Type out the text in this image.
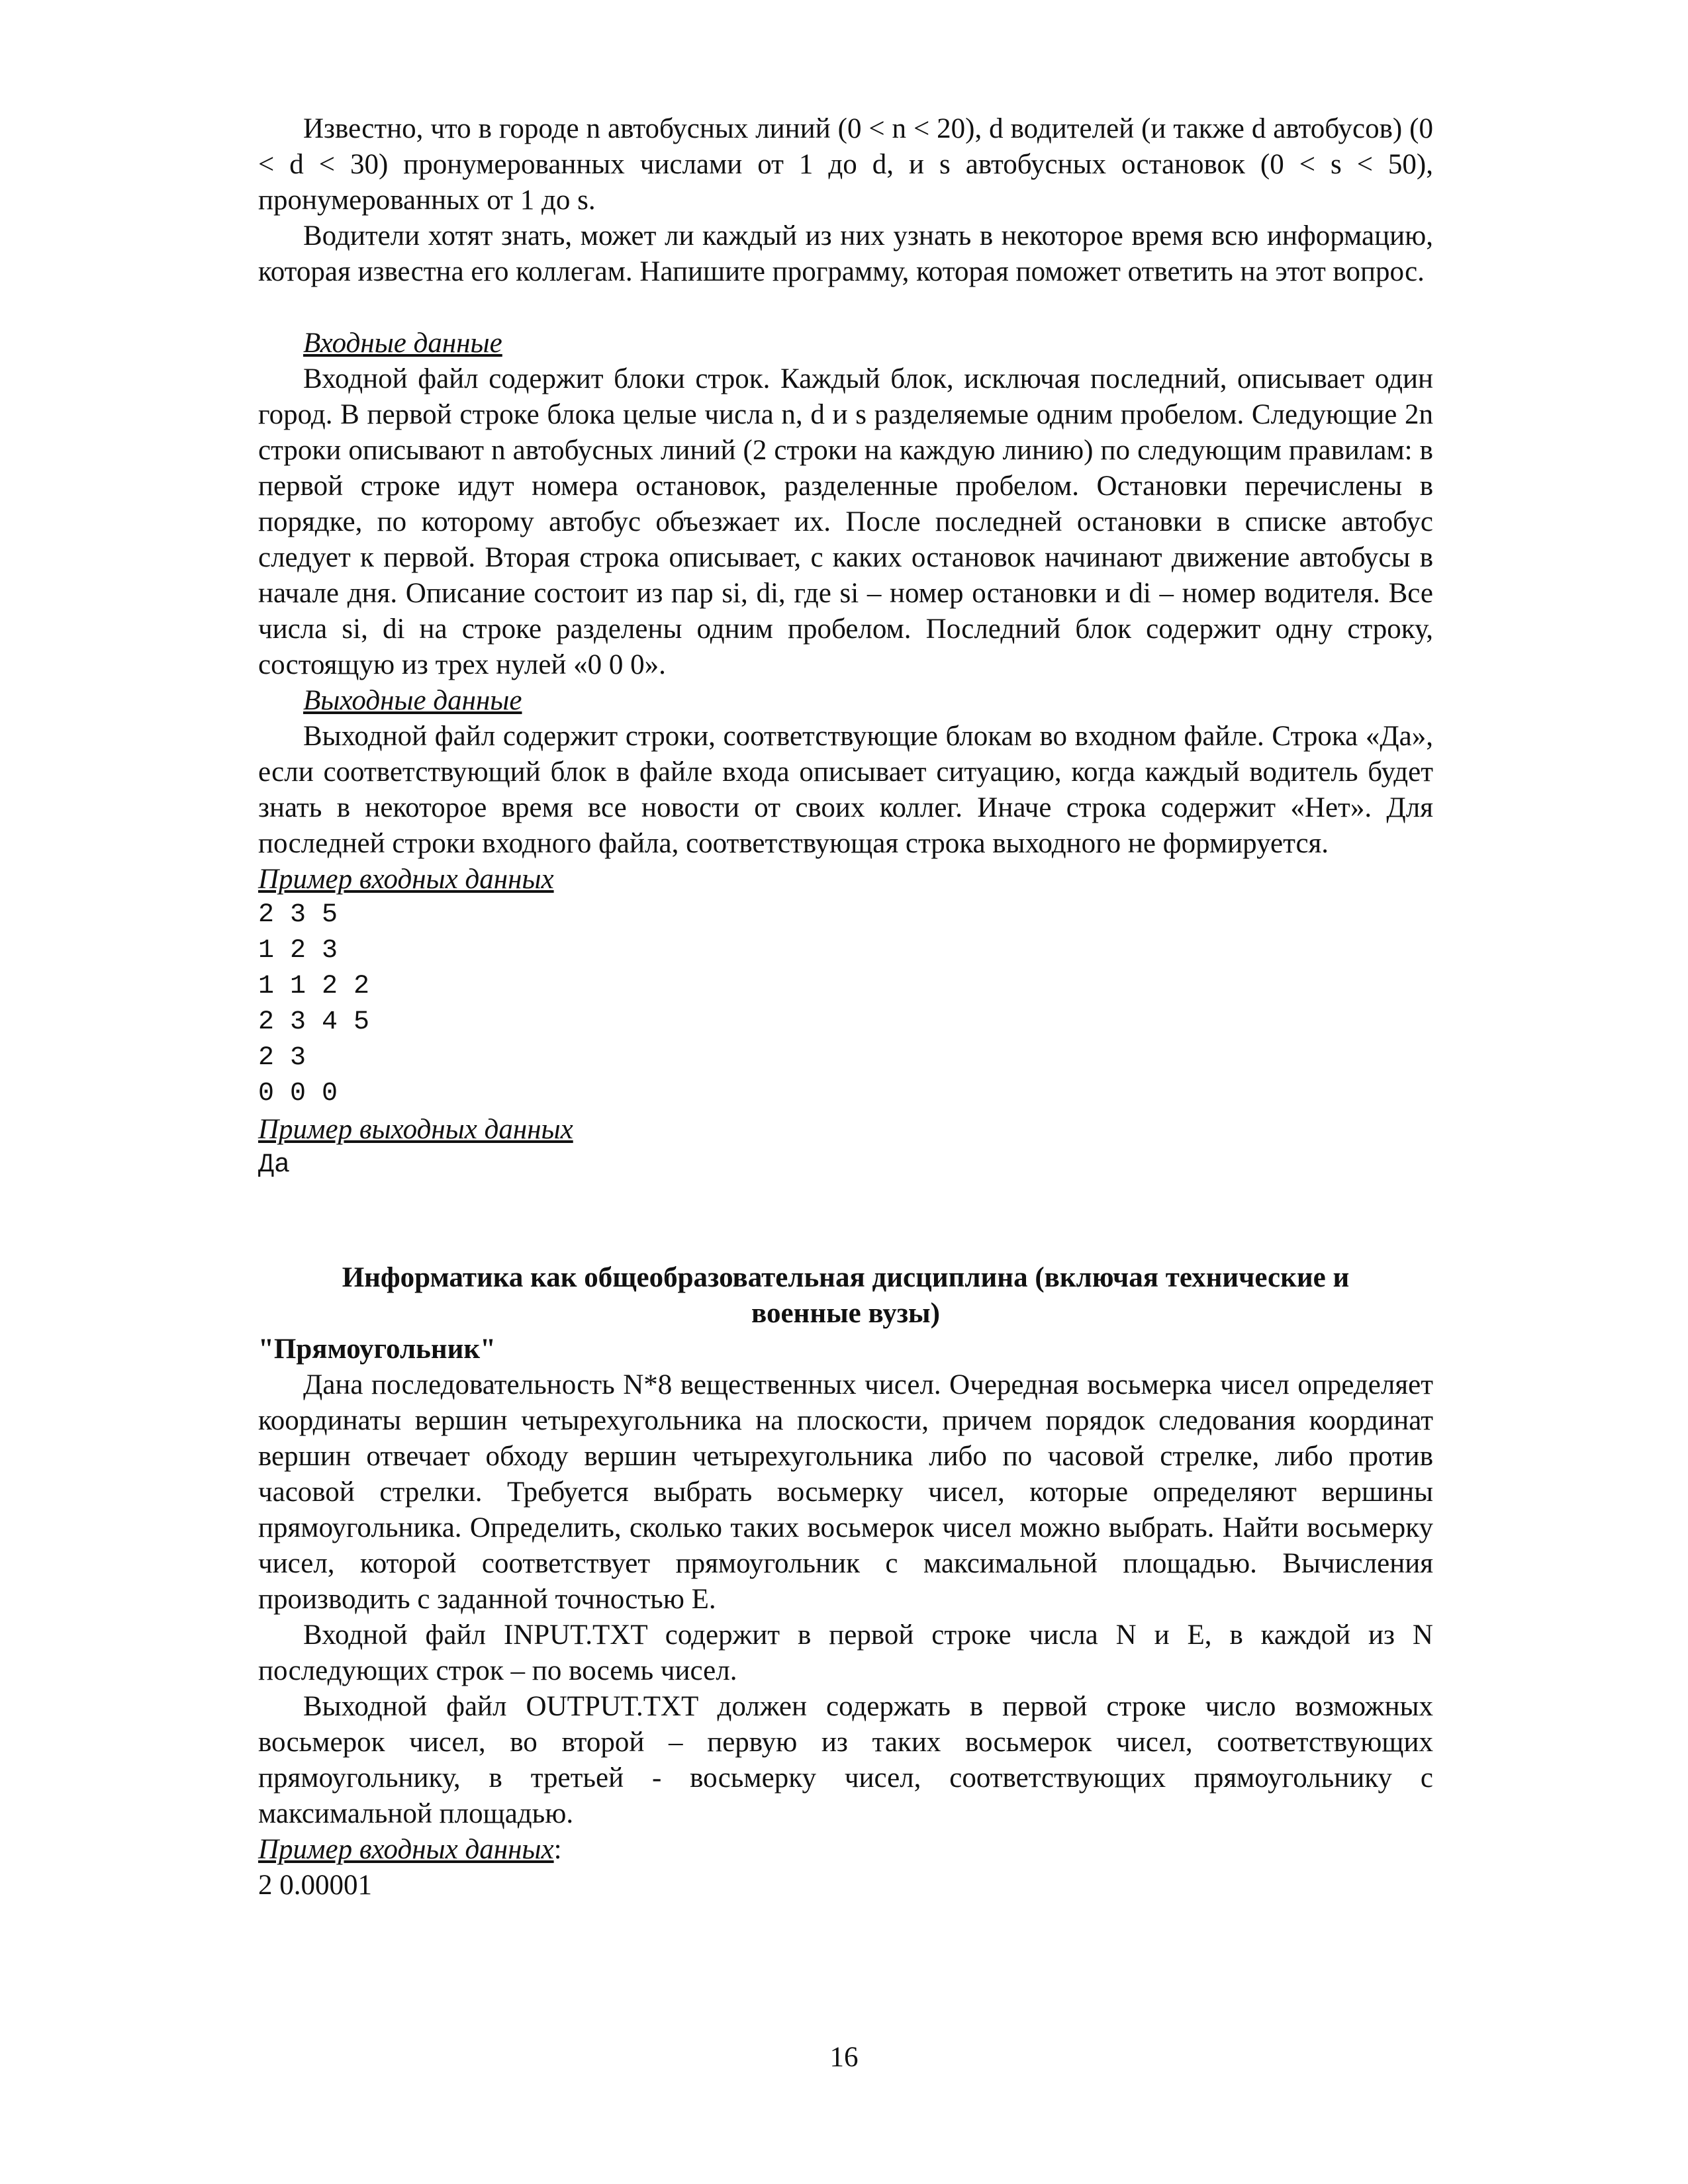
Известно, что в городе n автобусных линий (0 < n < 20), d водителей (и также d автобусов) (0 < d < 30) пронумерованных числами от 1 до d, и s автобусных остановок (0 < s < 50), пронумерованных от 1 до s.

Водители хотят знать, может ли каждый из них узнать в некоторое время всю информацию, которая известна его коллегам. Напишите программу, которая поможет ответить на этот вопрос.

Входные данные

Входной файл содержит блоки строк. Каждый блок, исключая последний, описывает один город. В первой строке блока целые числа n, d и s разделяемые одним пробелом. Следующие 2n строки описывают n автобусных линий (2 строки на каждую линию) по следующим правилам: в первой строке идут номера остановок, разделенные пробелом. Остановки перечислены в порядке, по которому автобус объезжает их. После последней остановки в списке автобус следует к первой. Вторая строка описывает, с каких остановок начинают движение автобусы в начале дня. Описание состоит из пар si, di, где si – номер остановки и di – номер водителя. Все числа si, di на строке разделены одним пробелом. Последний блок содержит одну строку, состоящую из трех нулей «0 0 0».

Выходные данные

Выходной файл содержит строки, соответствующие блокам во входном файле. Строка «Да», если соответствующий блок в файле входа описывает ситуацию, когда каждый водитель будет знать в некоторое время все новости от своих коллег. Иначе строка содержит «Нет». Для последней строки входного файла, соответствующая строка выходного не формируется.

Пример входных данных

2 3 5
1 2 3
1 1 2 2
2 3 4 5
2 3
0 0 0

Пример выходных данных

Да

Информатика как общеобразовательная дисциплина (включая технические и

военные вузы)

"Прямоугольник"

Дана последовательность N*8 вещественных чисел. Очередная восьмерка чисел определяет координаты вершин четырехугольника на плоскости, причем порядок следования координат вершин отвечает обходу вершин четырехугольника либо по часовой стрелке, либо против часовой стрелки. Требуется выбрать восьмерку чисел, которые определяют вершины прямоугольника. Определить, сколько таких восьмерок чисел можно выбрать. Найти восьмерку чисел, которой соответствует прямоугольник с максимальной площадью. Вычисления производить с заданной точностью E.

Входной файл INPUT.TXT содержит в первой строке числа N и E, в каждой из N последующих строк – по восемь чисел.

Выходной файл OUTPUT.TXT должен содержать в первой строке число возможных восьмерок чисел, во второй – первую из таких восьмерок чисел, соответствующих прямоугольнику, в третьей - восьмерку чисел, соответствующих прямоугольнику с максимальной площадью.

Пример входных данных:

2 0.00001

16
